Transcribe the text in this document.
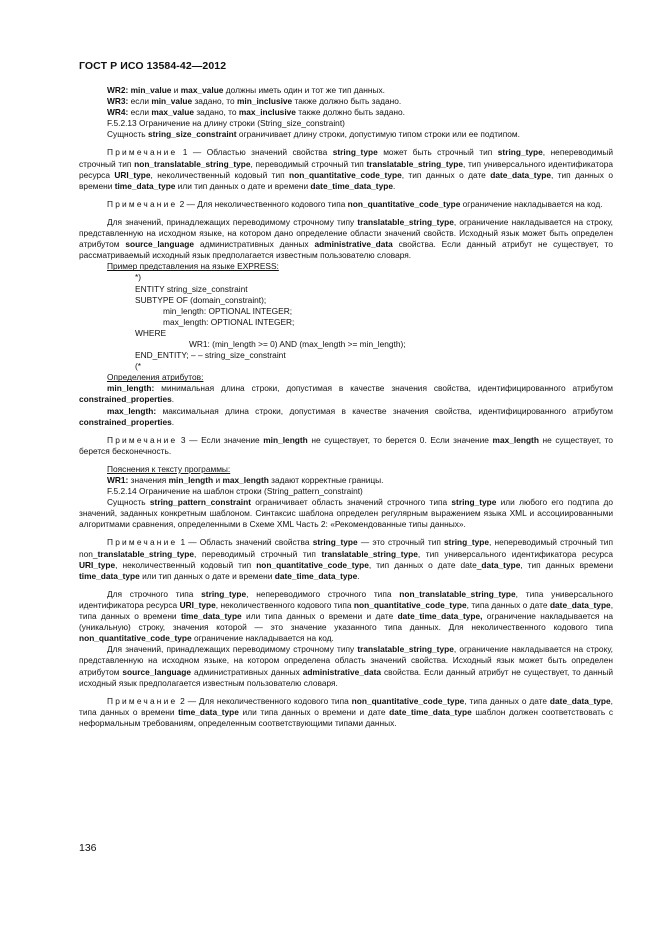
ГОСТ Р ИСО 13584-42—2012

WR2: min_value и max_value должны иметь один и тот же тип данных.

WR3: если min_value задано, то min_inclusive также должно быть задано.

WR4: если max_value задано, то max_inclusive также должно быть задано.

F.5.2.13 Ограничение на длину строки (String_size_constraint)

Сущность string_size_constraint ограничивает длину строки, допустимую типом строки или ее подтипом.

Примечание 1 — Областью значений свойства string_type может быть строчный тип string_type, непереводимый строчный тип non_translatable_string_type, переводимый строчный тип translatable_string_type, тип универсального идентификатора ресурса URI_type, неколичественный кодовый тип non_quantitative_code_type, тип данных о дате date_data_type, тип данных о времени time_data_type или тип данных о дате и времени date_time_data_type.

Примечание 2 — Для неколичественного кодового типа non_quantitative_code_type ограничение накладывается на код.

Для значений, принадлежащих переводимому строчному типу translatable_string_type, ограничение накладывается на строку, представленную на исходном языке, на котором дано определение области значений свойств. Исходный язык может быть определен атрибутом source_language административных данных administrative_data свойства. Если данный атрибут не существует, то рассматриваемый исходный язык предполагается известным пользователю словаря.

Пример представления на языке EXPRESS:

*)

ENTITY string_size_constraint

SUBTYPE OF (domain_constraint);

min_length: OPTIONAL INTEGER;

max_length: OPTIONAL INTEGER;

WHERE

WR1: (min_length >= 0) AND (max_length >= min_length);

END_ENTITY; – – string_size_constraint

(*

Определения атрибутов:

min_length: минимальная длина строки, допустимая в качестве значения свойства, идентифицированного атрибутом constrained_properties.

max_length: максимальная длина строки, допустимая в качестве значения свойства, идентифицированного атрибутом constrained_properties.

Примечание 3 — Если значение min_length не существует, то берется 0. Если значение max_length не существует, то берется бесконечность.

Пояснения к тексту программы:

WR1: значения min_length и max_length задают корректные границы.

F.5.2.14 Ограничение на шаблон строки (String_pattern_constraint)

Сущность string_pattern_constraint ограничивает область значений строчного типа string_type или любого его подтипа до значений, заданных конкретным шаблоном. Синтаксис шаблона определен регулярным выражением языка XML и ассоциированными алгоритмами сравнения, определенными в Схеме XML Часть 2: «Рекомендованные типы данных».

Примечание 1 — Область значений свойства string_type — это строчный тип string_type, непереводимый строчный тип non_translatable_string_type, переводимый строчный тип translatable_string_type, тип универсального идентификатора ресурса URI_type, неколичественный кодовый тип non_quantitative_code_type, тип данных о дате date_data_type, тип данных времени time_data_type или тип данных о дате и времени date_time_data_type.

Для строчного типа string_type, непереводимого строчного типа non_translatable_string_type, типа универсального идентификатора ресурса URI_type, неколичественного кодового типа non_quantitative_code_type, типа данных о дате date_data_type, типа данных о времени time_data_type или типа данных о времени и дате date_time_data_type, ограничение накладывается на (уникальную) строку, значения которой — это значение указанного типа данных. Для неколичественного кодового типа non_quantitative_code_type ограничение накладывается на код.

Для значений, принадлежащих переводимому строчному типу translatable_string_type, ограничение накладывается на строку, представленную на исходном языке, на котором определена область значений свойства. Исходный язык может быть определен атрибутом source_language административных данных administrative_data свойства. Если данный атрибут не существует, то данный исходный язык предполагается известным пользователю словаря.

Примечание 2 — Для неколичественного кодового типа non_quantitative_code_type, типа данных о дате date_data_type, типа данных о времени time_data_type или типа данных о времени и дате date_time_data_type шаблон должен соответствовать с неформальным требованиям, определенным соответствующими типами данных.

136
